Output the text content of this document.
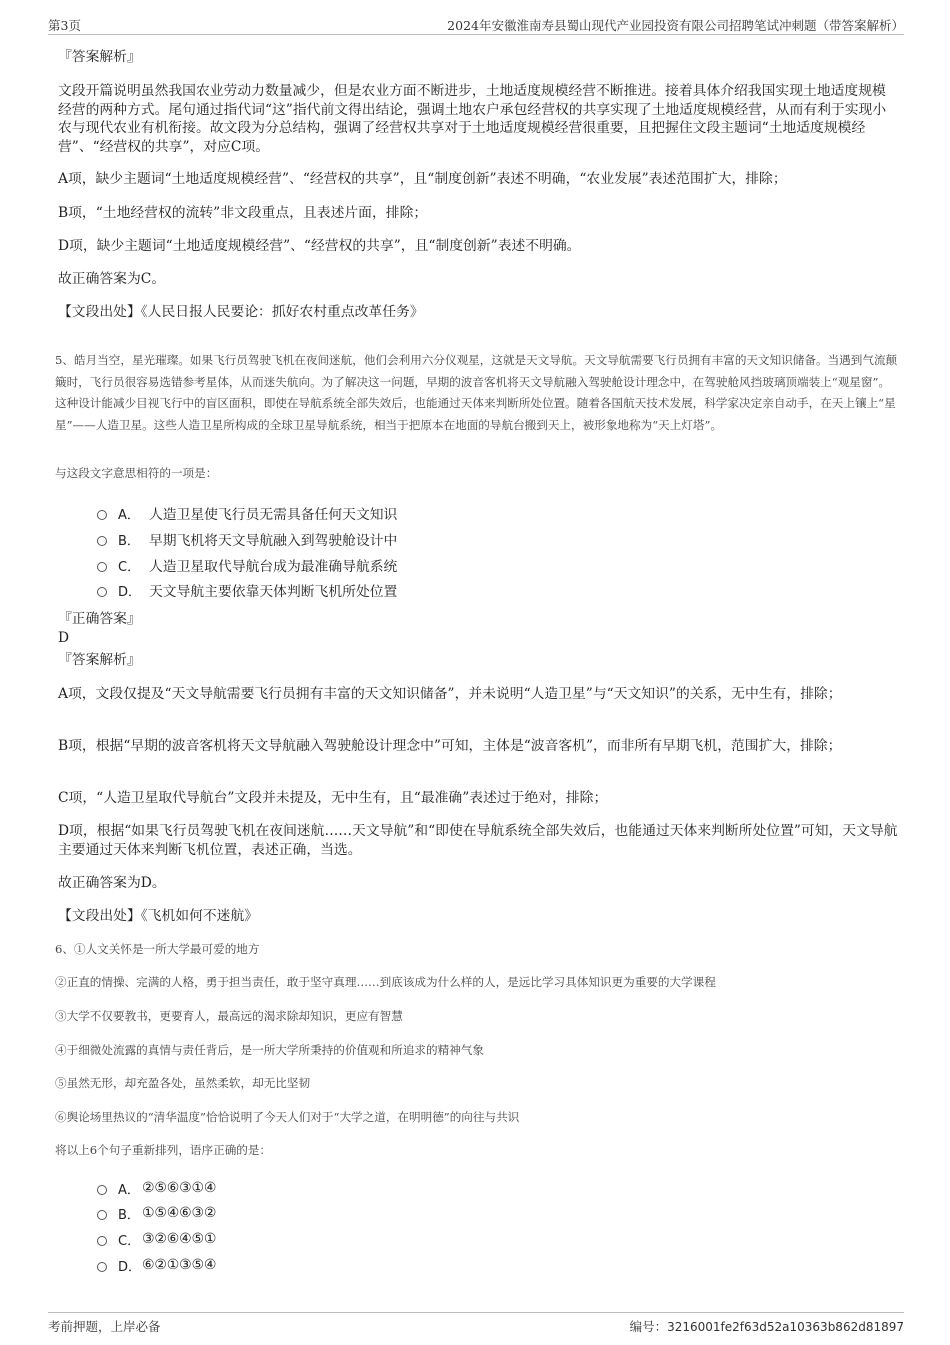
第3页	2024年安徽淮南寿县蜀山现代产业园投资有限公司招聘笔试冲刺题（带答案解析）
『答案解析』
文段开篇说明虽然我国农业劳动力数量减少，但是农业方面不断进步，土地适度规模经营不断推进。接着具体介绍我国实现土地适度规模经营的两种方式。尾句通过指代词“这”指代前文得出结论，强调土地农户承包经营权的共享实现了土地适度规模经营，从而有利于实现小农与现代农业有机衔接。故文段为分总结构，强调了经营权共享对于土地适度规模经营很重要，且把握住文段主题词“土地适度规模经营”、“经营权的共享”，对应C项。
A项，缺少主题词“土地适度规模经营”、“经营权的共享”，且“制度创新”表述不明确，“农业发展”表述范围扩大，排除；
B项，“土地经营权的流转”非文段重点，且表述片面，排除；
D项，缺少主题词“土地适度规模经营”、“经营权的共享”，且“制度创新”表述不明确。
故正确答案为C。
【文段出处】《人民日报人民要论：抓好农村重点改革任务》
5、皓月当空，星光璀璨。如果飞行员驾驶飞机在夜间迷航，他们会利用六分仪观星，这就是天文导航。天文导航需要飞行员拥有丰富的天文知识储备。当遇到气流颠簸时，飞行员很容易选错参考星体，从而迷失航向。为了解决这一问题，早期的波音客机将天文导航融入驾驶舱设计理念中，在驾驶舱风挡玻璃顶端装上“观星窗”。这种设计能减少目视飞行中的盲区面积，即使在导航系统全部失效后，也能通过天体来判断所处位置。随着各国航天技术发展，科学家决定亲自动手，在天上镶上“星星”——人造卫星。这些人造卫星所构成的全球卫星导航系统，相当于把原本在地面的导航台搬到天上，被形象地称为“天上灯塔”。
与这段文字意思相符的一项是：
A． 人造卫星使飞行员无需具备任何天文知识
B． 早期飞机将天文导航融入到驾驶舱设计中
C． 人造卫星取代导航台成为最准确导航系统
D． 天文导航主要依靠天体判断飞机所处位置
『正确答案』
D
『答案解析』
A项，文段仅提及“天文导航需要飞行员拥有丰富的天文知识储备”，并未说明“人造卫星”与“天文知识”的关系，无中生有，排除；
B项，根据“早期的波音客机将天文导航融入驾驶舱设计理念中”可知，主体是“波音客机”，而非所有早期飞机，范围扩大，排除；
C项，“人造卫星取代导航台”文段并未提及，无中生有，且“最准确”表述过于绝对，排除；
D项，根据“如果飞行员驾驶飞机在夜间迷航……天文导航”和“即使在导航系统全部失效后，也能通过天体来判断所处位置”可知，天文导航主要通过天体来判断飞机位置，表述正确，当选。
故正确答案为D。
【文段出处】《飞机如何不迷航》
6、①人文关怀是一所大学最可爱的地方
②正直的情操、完满的人格，勇于担当责任，敢于坚守真理……到底该成为什么样的人，是远比学习具体知识更为重要的大学课程
③大学不仅要教书，更要育人，最高远的渴求除却知识，更应有智慧
④于细微处流露的真情与责任背后，是一所大学所秉持的价值观和所追求的精神气象
⑤虽然无形，却充盈各处，虽然柔软，却无比坚韧
⑥舆论场里热议的“清华温度”恰恰说明了今天人们对于“大学之道，在明明德”的向往与共识
将以上6个句子重新排列，语序正确的是：
A． ②⑤⑥③①④
B． ①⑤④⑥③②
C． ③②⑥④⑤①
D． ⑥②①③⑤④
考前押题，上岸必备	编号：3216001fe2f63d52a10363b862d81897
